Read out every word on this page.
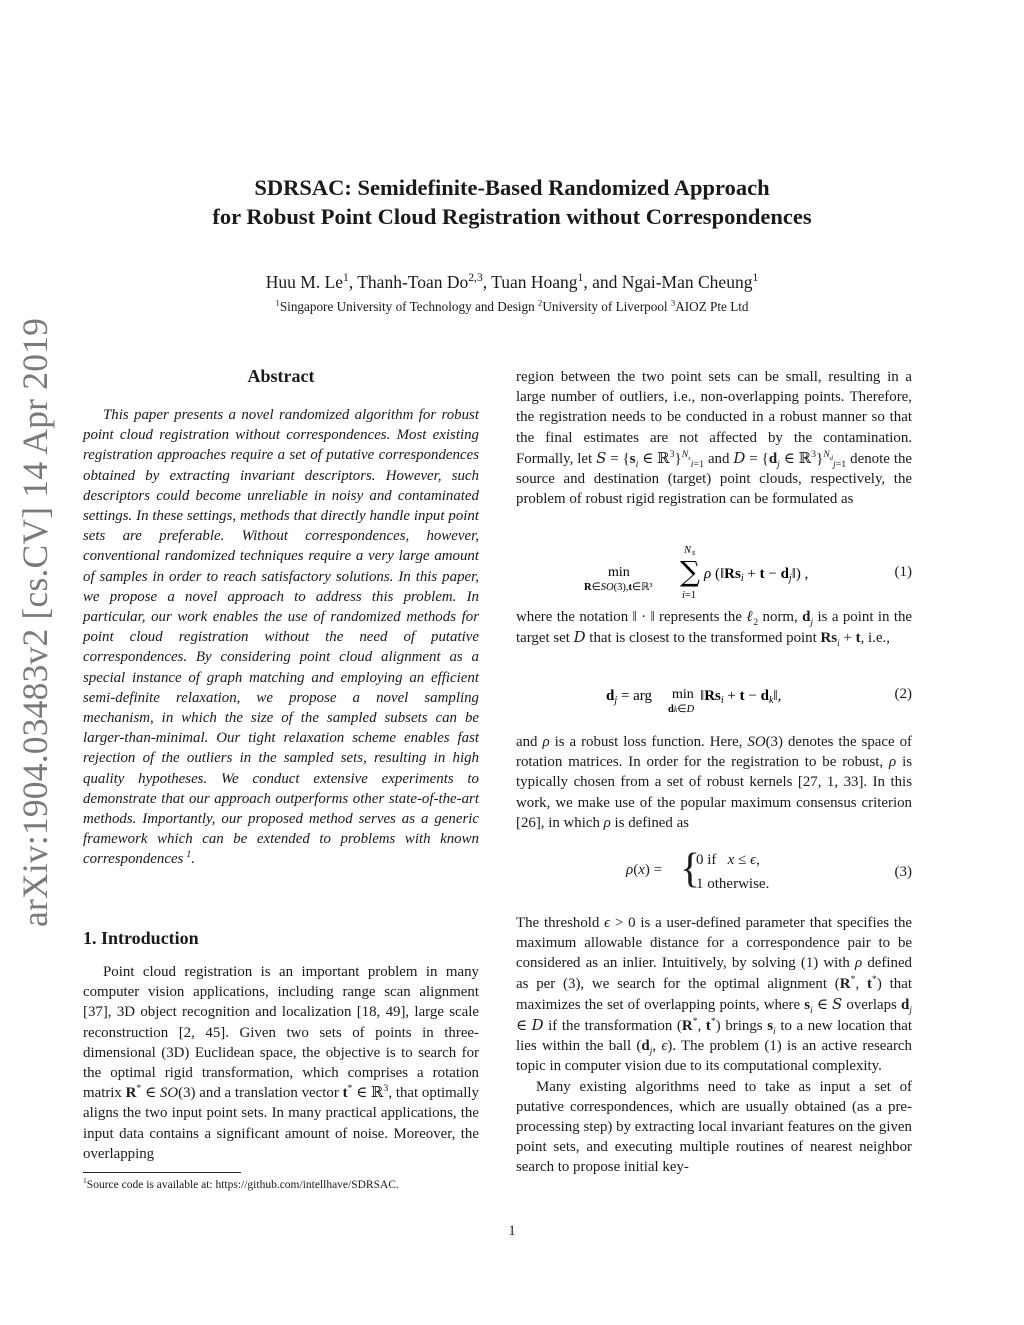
SDRSAC: Semidefinite-Based Randomized Approach
for Robust Point Cloud Registration without Correspondences
Huu M. Le$^1$, Thanh-Toan Do$^{2,3}$, Tuan Hoang$^1$, and Ngai-Man Cheung$^1$
$^1$Singapore University of Technology and Design $^2$University of Liverpool $^3$AIOZ Pte Ltd
arXiv:1904.03483v2 [cs.CV] 14 Apr 2019	Abstract

This paper presents a novel randomized algorithm for robust point cloud registration without correspondences. Most existing registration approaches require a set of putative correspondences obtained by extracting invariant descriptors. However, such descriptors could become unreliable in noisy and contaminated settings. In these settings, methods that directly handle input point sets are preferable. Without correspondences, however, conventional randomized techniques require a very large amount of samples in order to reach satisfactory solutions. In this paper, we propose a novel approach to address this problem. In particular, our work enables the use of randomized methods for point cloud registration without the need of putative correspondences. By considering point cloud alignment as a special instance of graph matching and employing an efficient semi-definite relaxation, we propose a novel sampling mechanism, in which the size of the sampled subsets can be larger-than-minimal. Our tight relaxation scheme enables fast rejection of the outliers in the sampled sets, resulting in high quality hypotheses. We conduct extensive experiments to demonstrate that our approach outperforms other state-of-the-art methods. Importantly, our proposed method serves as a generic framework which can be extended to problems with known correspondences  $^1$.

1. Introduction

Point cloud registration is an important problem in many computer vision applications, including range scan alignment [37], 3D object recognition and localization [18, 49], large scale reconstruction [2, 45]. Given two sets of points in three-dimensional (3D) Euclidean space, the objective is to search for the optimal rigid transformation, which comprises a rotation matrix R* ∈ SO(3) and a translation vector t* ∈ ℝ$^3$, that optimally aligns the two input point sets. In many practical applications, the input data contains a significant amount of noise. Moreover, the overlapping

$^1$Source code is available at: https://github.com/intellhave/SDRSAC.

region between the two point sets can be small, resulting in a large number of outliers, i.e., non-overlapping points. Therefore, the registration needs to be conducted in a robust manner so that the final estimates are not affected by the contamination. Formally, let $S = \{s_i$ ∈ ℝ$^3$}$^{N_s}_{i=1}$ and $D = \{d_j$ ∈ ℝ$^3$}$^{N_d}_{j=1}$ denote the source and destination (target) point clouds, respectively, the problem of robust rigid registration can be formulated as

min
R∈SO(3),t∈ℝ³
N s
∑
i=1
ρ ($‖Rs_i + t$ − $d_j‖$) ,	(1)

where the notation ‖ · ‖ represents the ℓ$_2$ norm, $d_j$ is a point in the target set D that is closest to the transformed point $Rs_i + t$, i.e.,

$d_j$ = arg min
dk∈D
$‖Rs_i + t$ − $d_k‖$,	(2)

and ρ is a robust loss function. Here, SO(3) denotes the space of rotation matrices. In order for the registration to be robust, ρ is typically chosen from a set of robust kernels [27, 1, 33]. In this work, we make use of the popular maximum consensus criterion [26], in which ρ is defined as

ρ(x) = {
0 if x ≤ ϵ,
1 otherwise.
(3)

The threshold ϵ > 0 is a user-defined parameter that specifies the maximum allowable distance for a correspondence pair to be considered as an inlier. Intuitively, by solving (1) with ρ defined as per (3), we search for the optimal alignment (R*, t*) that maximizes the set of overlapping points, where $s_i$ ∈ S overlaps $d_j$ ∈ D if the transformation (R*, t*) brings $s_i$ to a new location that lies within the ball ($d_j$, ϵ). The problem (1) is an active research topic in computer vision due to its computational complexity.

Many existing algorithms need to take as input a set of putative correspondences, which are usually obtained (as a pre-processing step) by extracting local invariant features on the given point sets, and executing multiple routines of nearest neighbor search to propose initial key-

1
